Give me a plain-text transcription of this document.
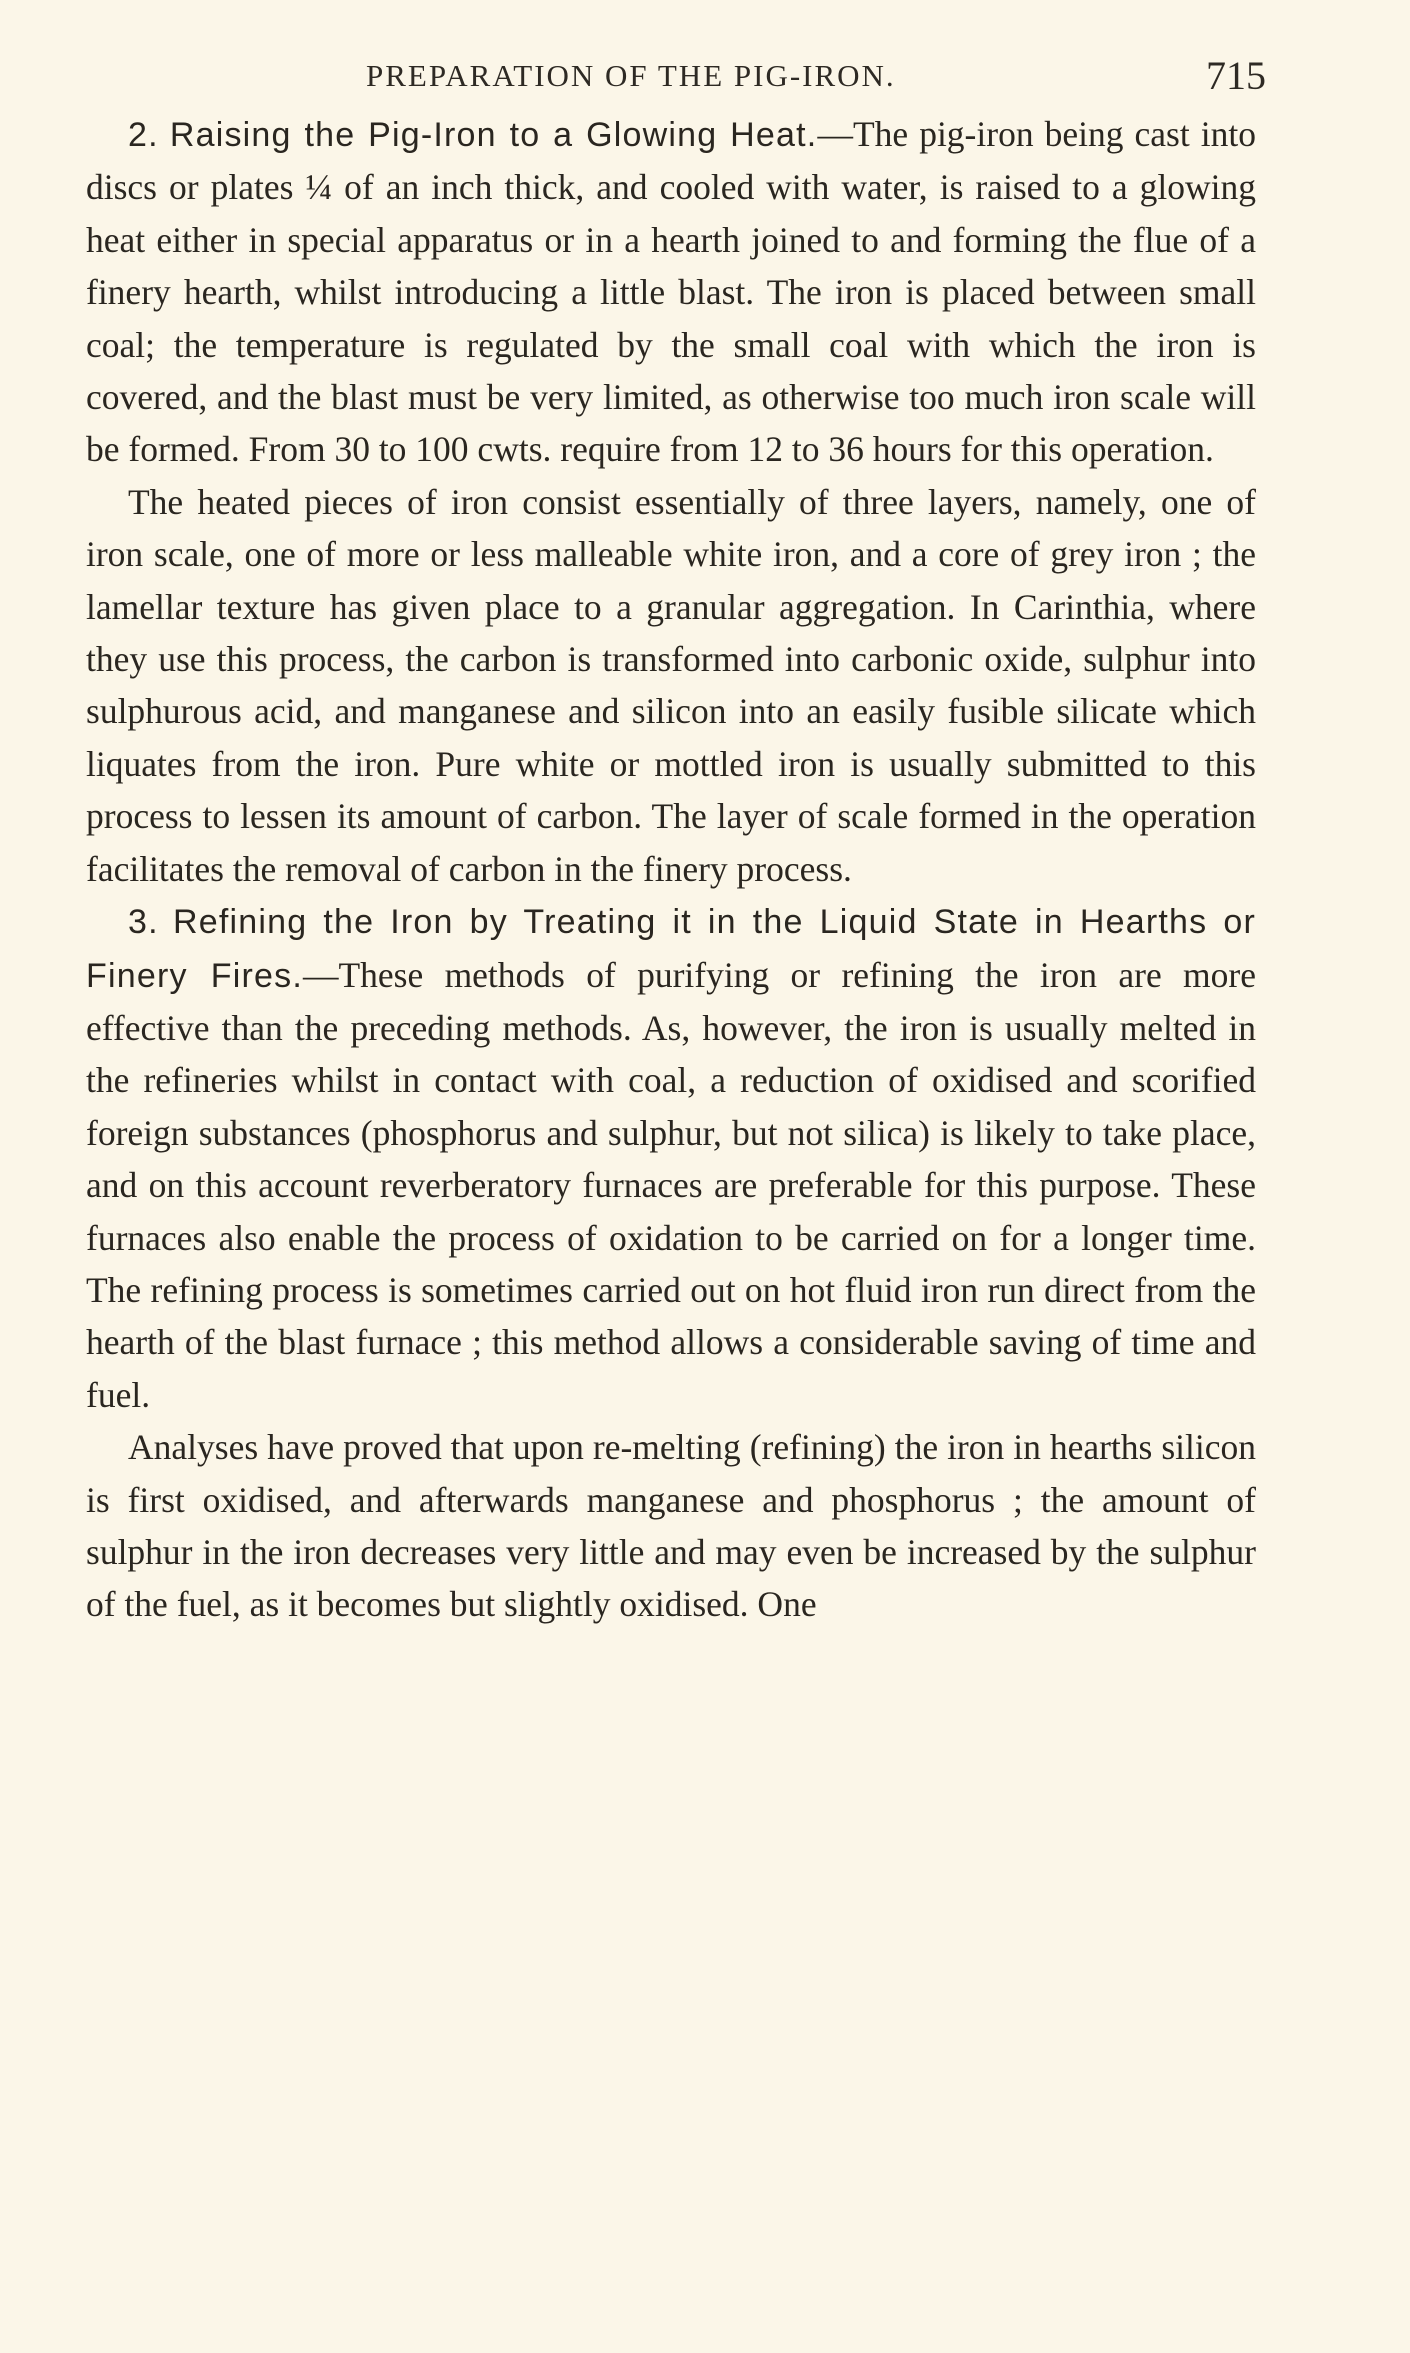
PREPARATION OF THE PIG-IRON.	715

2. Raising the Pig-Iron to a Glowing Heat.—The pig-iron being cast into discs or plates ¼ of an inch thick, and cooled with water, is raised to a glowing heat either in special apparatus or in a hearth joined to and forming the flue of a finery hearth, whilst introducing a little blast. The iron is placed between small coal; the temperature is regulated by the small coal with which the iron is covered, and the blast must be very limited, as otherwise too much iron scale will be formed. From 30 to 100 cwts. require from 12 to 36 hours for this operation.

The heated pieces of iron consist essentially of three layers, namely, one of iron scale, one of more or less malleable white iron, and a core of grey iron ; the lamellar texture has given place to a granular aggregation. In Carinthia, where they use this process, the carbon is transformed into carbonic oxide, sulphur into sulphurous acid, and manganese and silicon into an easily fusible silicate which liquates from the iron. Pure white or mottled iron is usually submitted to this process to lessen its amount of carbon. The layer of scale formed in the operation facilitates the removal of carbon in the finery process.

3. Refining the Iron by Treating it in the Liquid State in Hearths or Finery Fires.—These methods of purifying or refining the iron are more effective than the preceding methods. As, however, the iron is usually melted in the refineries whilst in contact with coal, a reduction of oxidised and scorified foreign substances (phosphorus and sulphur, but not silica) is likely to take place, and on this account reverberatory furnaces are preferable for this purpose. These furnaces also enable the process of oxidation to be carried on for a longer time. The refining process is sometimes carried out on hot fluid iron run direct from the hearth of the blast furnace ; this method allows a considerable saving of time and fuel.

Analyses have proved that upon re-melting (refining) the iron in hearths silicon is first oxidised, and afterwards manganese and phosphorus ; the amount of sulphur in the iron decreases very little and may even be increased by the sulphur of the fuel, as it becomes but slightly oxidised. One
